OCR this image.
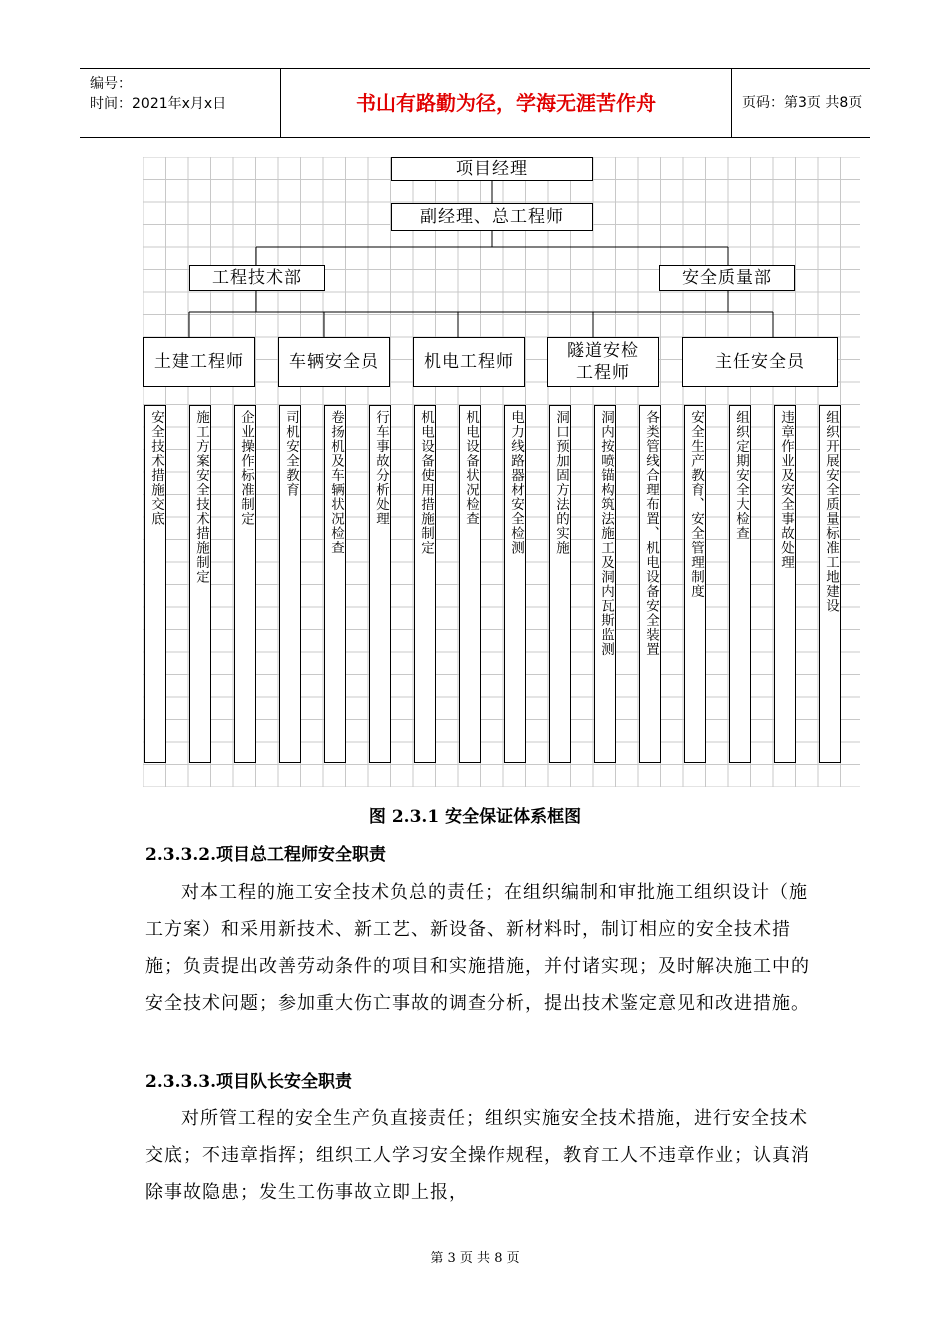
编号：
时间：2021年x月x日	书山有路勤为径，学海无涯苦作舟	页码：第3页 共8页
项目经理
副经理、总工程师
工程技术部	安全质量部
土建工程师	车辆安全员	机电工程师
隧道安检工程师
主任安全员
安全技术措施交底 施工方案安全技术措施制定 企业操作标准制定 司机安全教育 卷扬机及车辆状况检查 行车事故分析处理 机电设备使用措施制定 机电设备状况检查 电力线路器材安全检测 洞口预加固方法的实施 洞内按喷锚构筑法施工及洞内瓦斯监测 各类管线合理布置、机电设备安全装置 安全生产教育、安全管理制度 组织定期安全大检查 违章作业及安全事故处理 组织开展安全质量标准工地建设
图 2.3.1 安全保证体系框图
2.3.3.2.项目总工程师安全职责
对本工程的施工安全技术负总的责任；在组织编制和审批施工组织设计（施工方案）和采用新技术、新工艺、新设备、新材料时，制订相应的安全技术措施；负责提出改善劳动条件的项目和实施措施，并付诸实现；及时解决施工中的安全技术问题；参加重大伤亡事故的调查分析，提出技术鉴定意见和改进措施。
2.3.3.3.项目队长安全职责
对所管工程的安全生产负直接责任；组织实施安全技术措施，进行安全技术交底；不违章指挥；组织工人学习安全操作规程，教育工人不违章作业；认真消除事故隐患；发生工伤事故立即上报，
第 3 页 共 8 页
